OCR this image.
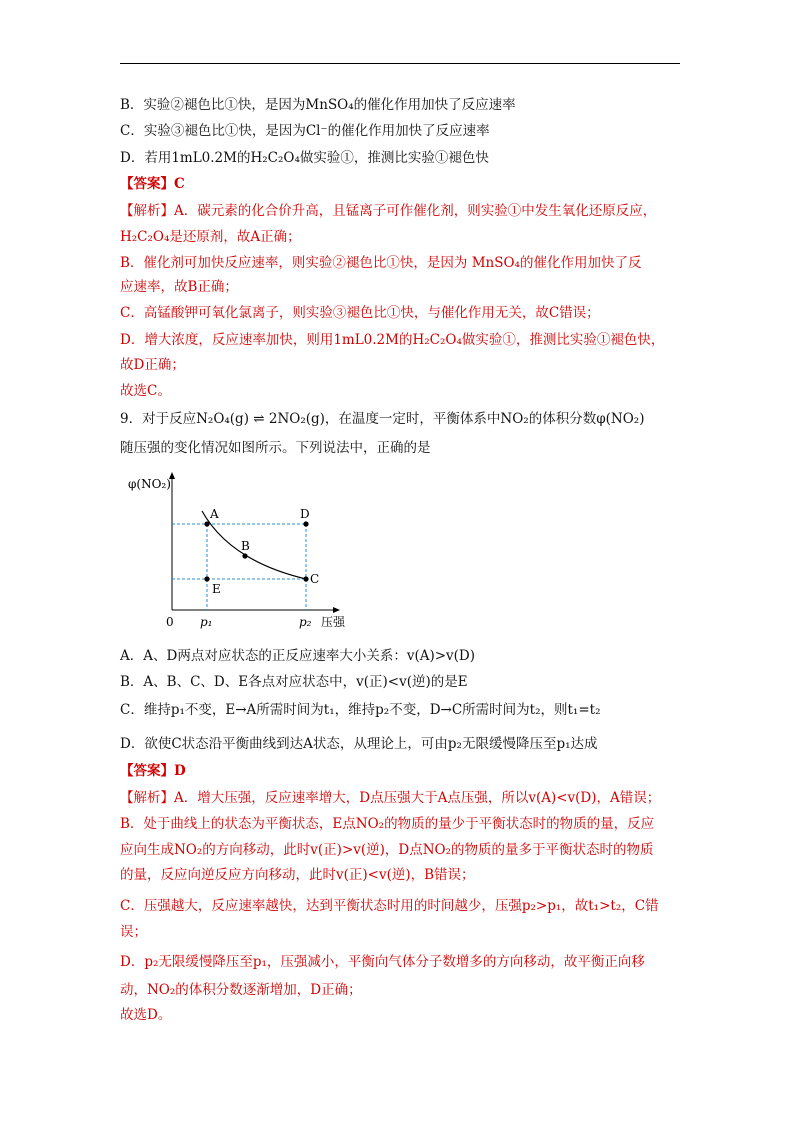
B．实验②褪色比①快，是因为MnSO₄的催化作用加快了反应速率
C．实验③褪色比①快，是因为Cl⁻的催化作用加快了反应速率
D．若用1mL0.2M的H₂C₂O₄做实验①，推测比实验①褪色快
【答案】C
【解析】A．碳元素的化合价升高，且锰离子可作催化剂，则实验①中发生氧化还原反应，
H₂C₂O₄是还原剂，故A正确；
B．催化剂可加快反应速率，则实验②褪色比①快，是因为 MnSO₄的催化作用加快了反
应速率，故B正确；
C．高锰酸钾可氧化氯离子，则实验③褪色比①快，与催化作用无关，故C错误；
D．增大浓度，反应速率加快，则用1mL0.2M的H₂C₂O₄做实验①，推测比实验①褪色快，
故D正确；
故选C。
9．对于反应N₂O₄(g) ⇌ 2NO₂(g)，在温度一定时，平衡体系中NO₂的体积分数φ(NO₂)
随压强的变化情况如图所示。下列说法中，正确的是
φ(NO₂)
A
B
C
D
E
0 p₁	p₂ 压强
A．A、D两点对应状态的正反应速率大小关系：v(A)>v(D)
B．A、B、C、D、E各点对应状态中，v(正)<v(逆)的是E
C．维持p₁不变，E→A所需时间为t₁，维持p₂不变，D→C所需时间为t₂，则t₁=t₂
D．欲使C状态沿平衡曲线到达A状态，从理论上，可由p₂无限缓慢降压至p₁达成
【答案】D
【解析】A．增大压强，反应速率增大，D点压强大于A点压强，所以v(A)<v(D)，A错误；
B．处于曲线上的状态为平衡状态，E点NO₂的物质的量少于平衡状态时的物质的量，反应
应向生成NO₂的方向移动，此时v(正)>v(逆)，D点NO₂的物质的量多于平衡状态时的物质
的量，反应向逆反应方向移动，此时v(正)<v(逆)，B错误；
C．压强越大，反应速率越快，达到平衡状态时用的时间越少，压强p₂>p₁，故t₁>t₂，C错
误；
D．p₂无限缓慢降压至p₁，压强减小，平衡向气体分子数增多的方向移动，故平衡正向移
动，NO₂的体积分数逐渐增加，D正确；
故选D。
